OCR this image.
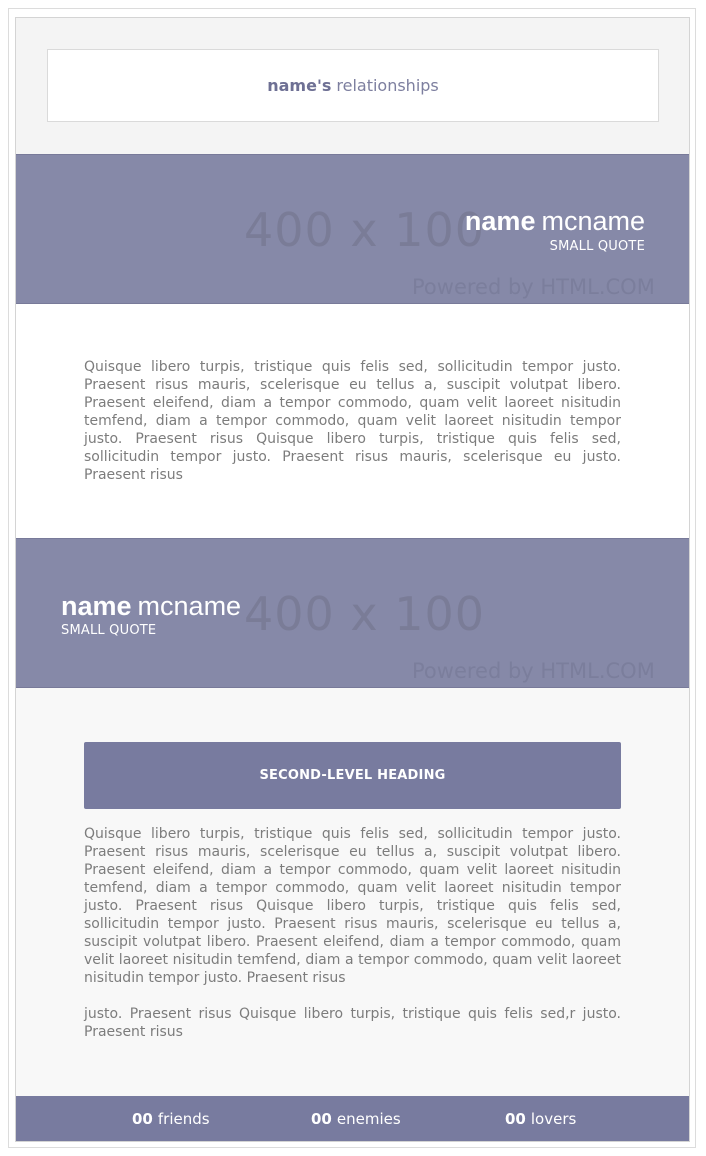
name's relationships
400 x 100
Powered by HTML.COM
name mcname
SMALL QUOTE

Quisque libero turpis, tristique quis felis sed, sollicitudin tempor justo. Praesent risus mauris, scelerisque eu tellus a, suscipit volutpat libero. Praesent eleifend, diam a tempor commodo, quam velit laoreet nisitudin temfend, diam a tempor commodo, quam velit laoreet nisitudin tempor justo. Praesent risus Quisque libero turpis, tristique quis felis sed, sollicitudin tempor justo. Praesent risus mauris, scelerisque eu justo. Praesent risus

400 x 100
Powered by HTML.COM
name mcname
SMALL QUOTE
SECOND-LEVEL HEADING

Quisque libero turpis, tristique quis felis sed, sollicitudin tempor justo. Praesent risus mauris, scelerisque eu tellus a, suscipit volutpat libero. Praesent eleifend, diam a tempor commodo, quam velit laoreet nisitudin temfend, diam a tempor commodo, quam velit laoreet nisitudin tempor justo. Praesent risus Quisque libero turpis, tristique quis felis sed, sollicitudin tempor justo. Praesent risus mauris, scelerisque eu tellus a, suscipit volutpat libero. Praesent eleifend, diam a tempor commodo, quam velit laoreet nisitudin temfend, diam a tempor commodo, quam velit laoreet nisitudin tempor justo. Praesent risus

justo. Praesent risus Quisque libero turpis, tristique quis felis sed,r justo. Praesent risus

00 friends	00 enemies	00 lovers
